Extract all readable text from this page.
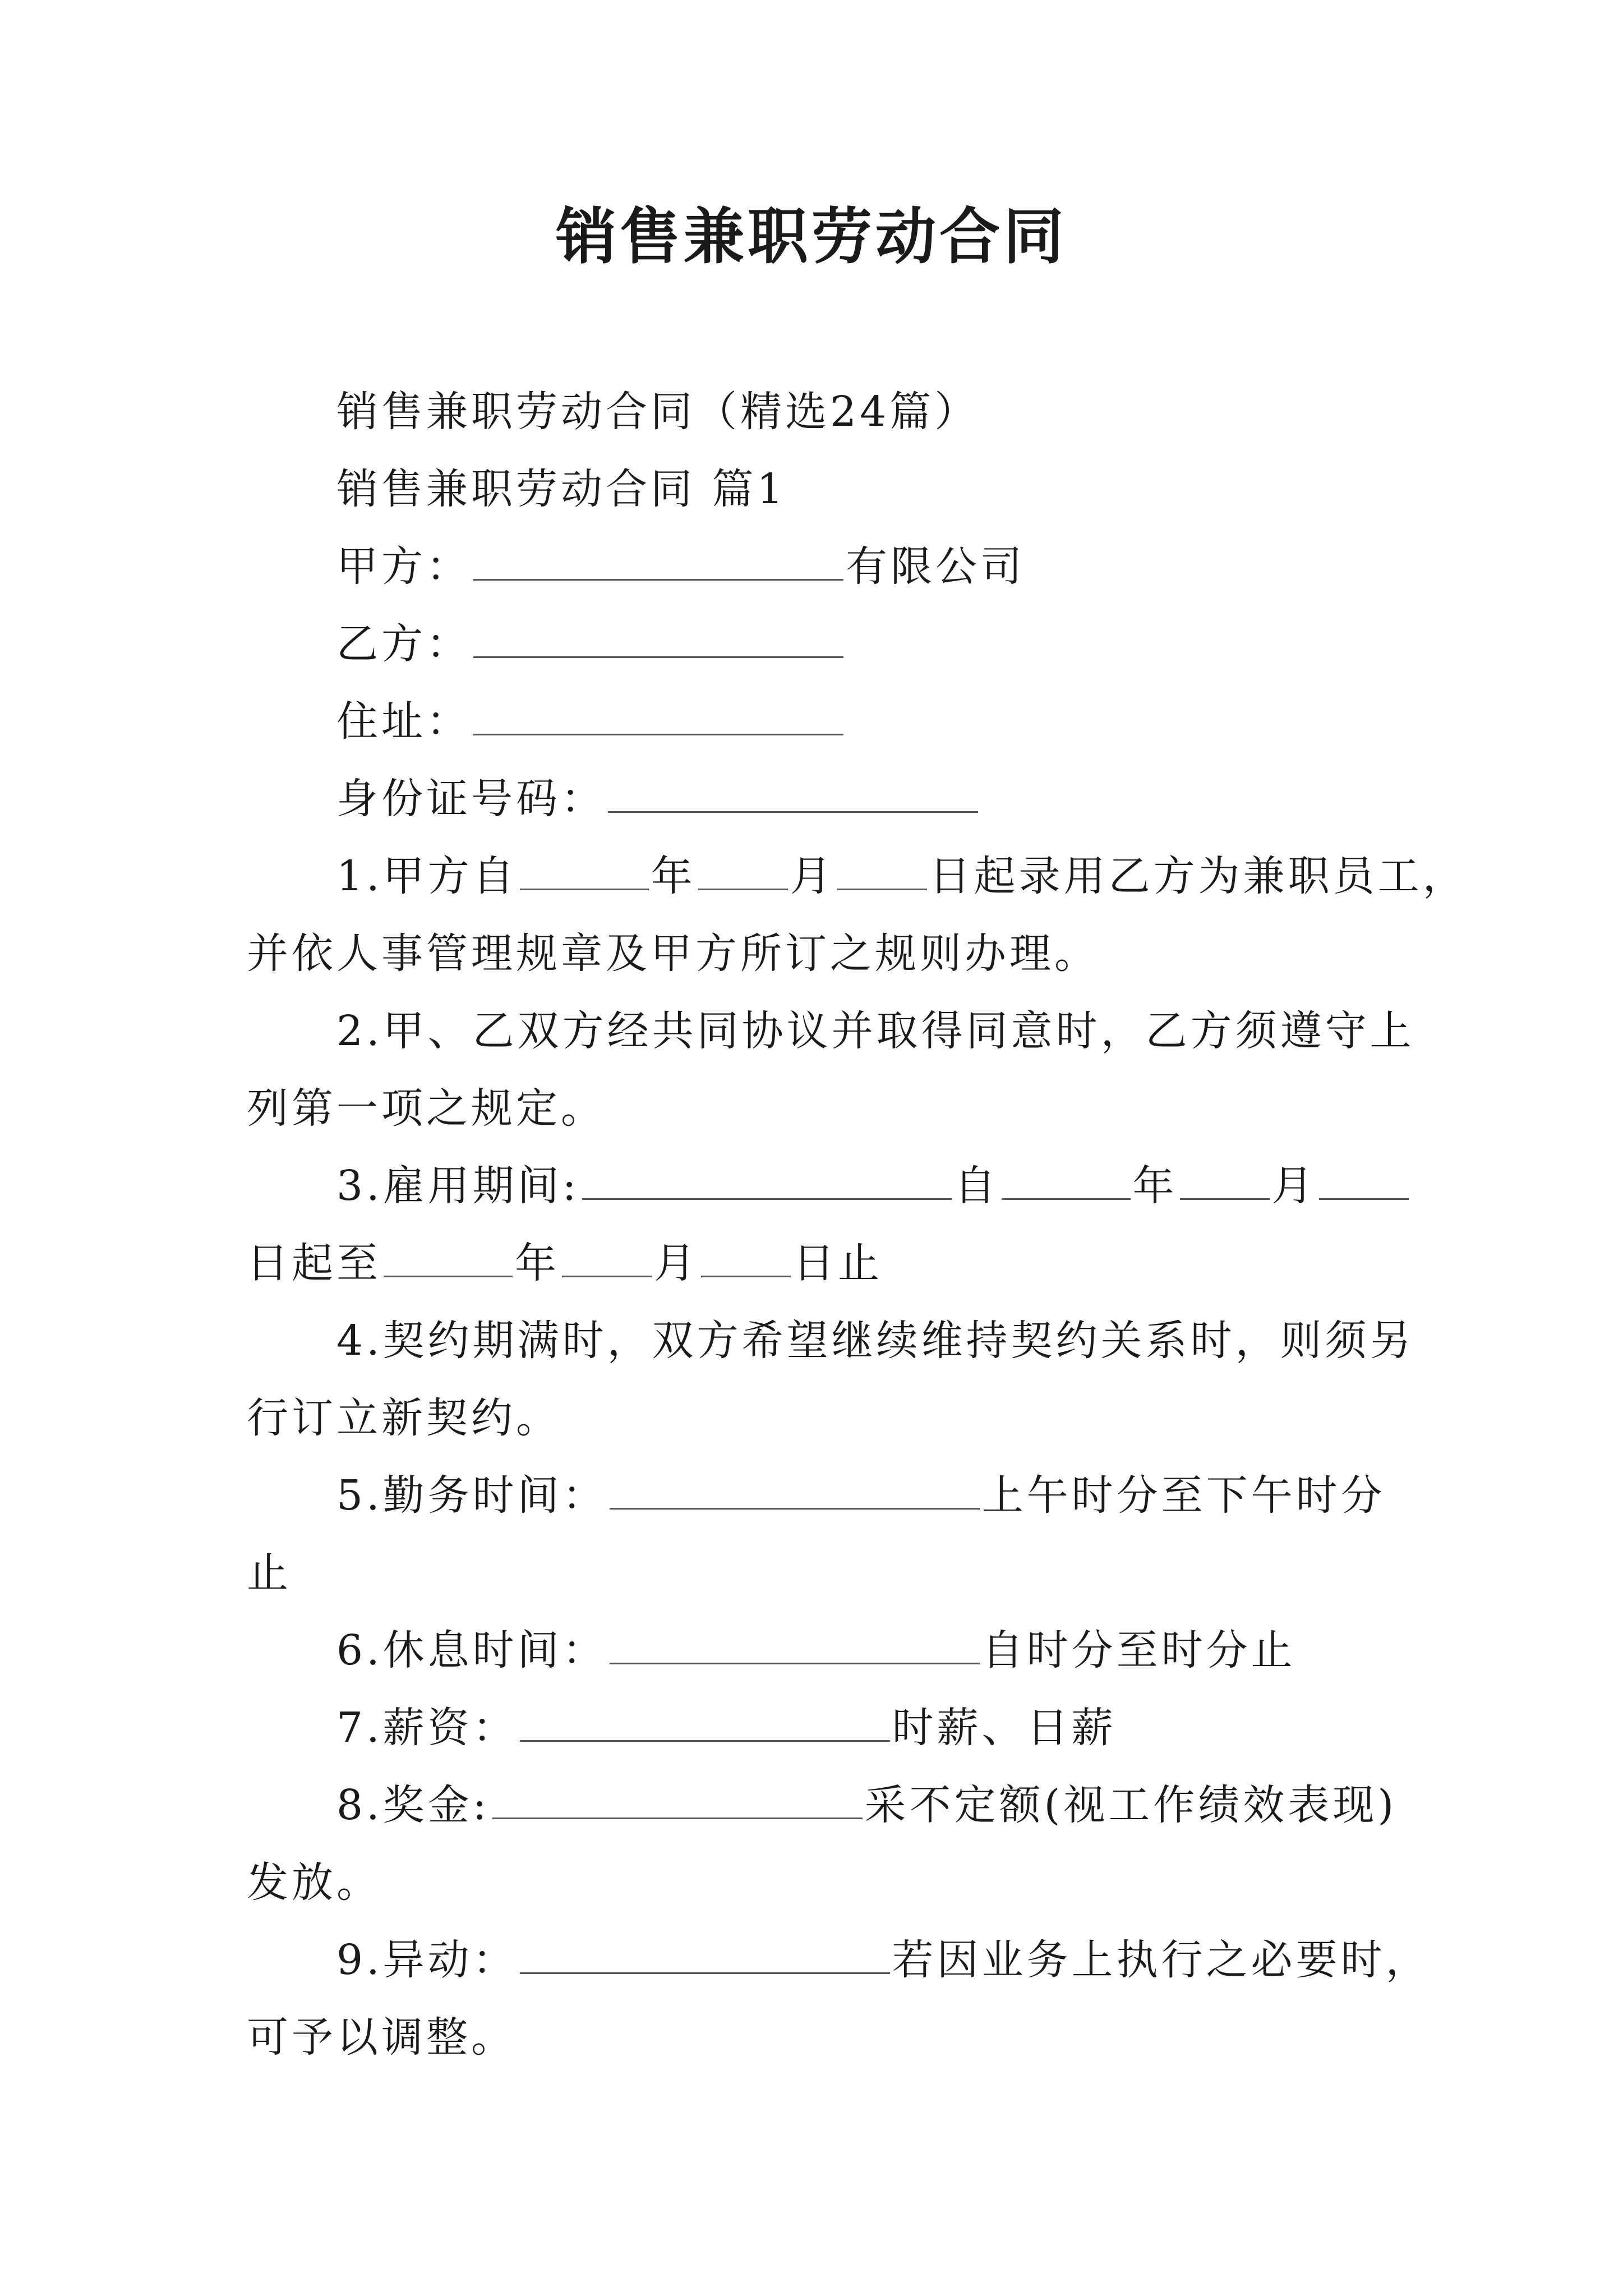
销售兼职劳动合同
销售兼职劳动合同（精选24篇）
销售兼职劳动合同 篇1
甲方：	有限公司
乙方：
住址：
身份证号码：
1.甲方自	年 月 日起录用乙方为兼职员工，
并依人事管理规章及甲方所订之规则办理。
2.甲、乙双方经共同协议并取得同意时，乙方须遵守上
列第一项之规定。
3.雇用期间:	自	年 月
日起至	年 月 日止
4.契约期满时，双方希望继续维持契约关系时，则须另
行订立新契约。
5.勤务时间：	上午时分至下午时分
止
6.休息时间：	自时分至时分止
7.薪资：	时薪、日薪
8.奖金:	采不定额(视工作绩效表现)
发放。
9.异动：	若因业务上执行之必要时，
可予以调整。
